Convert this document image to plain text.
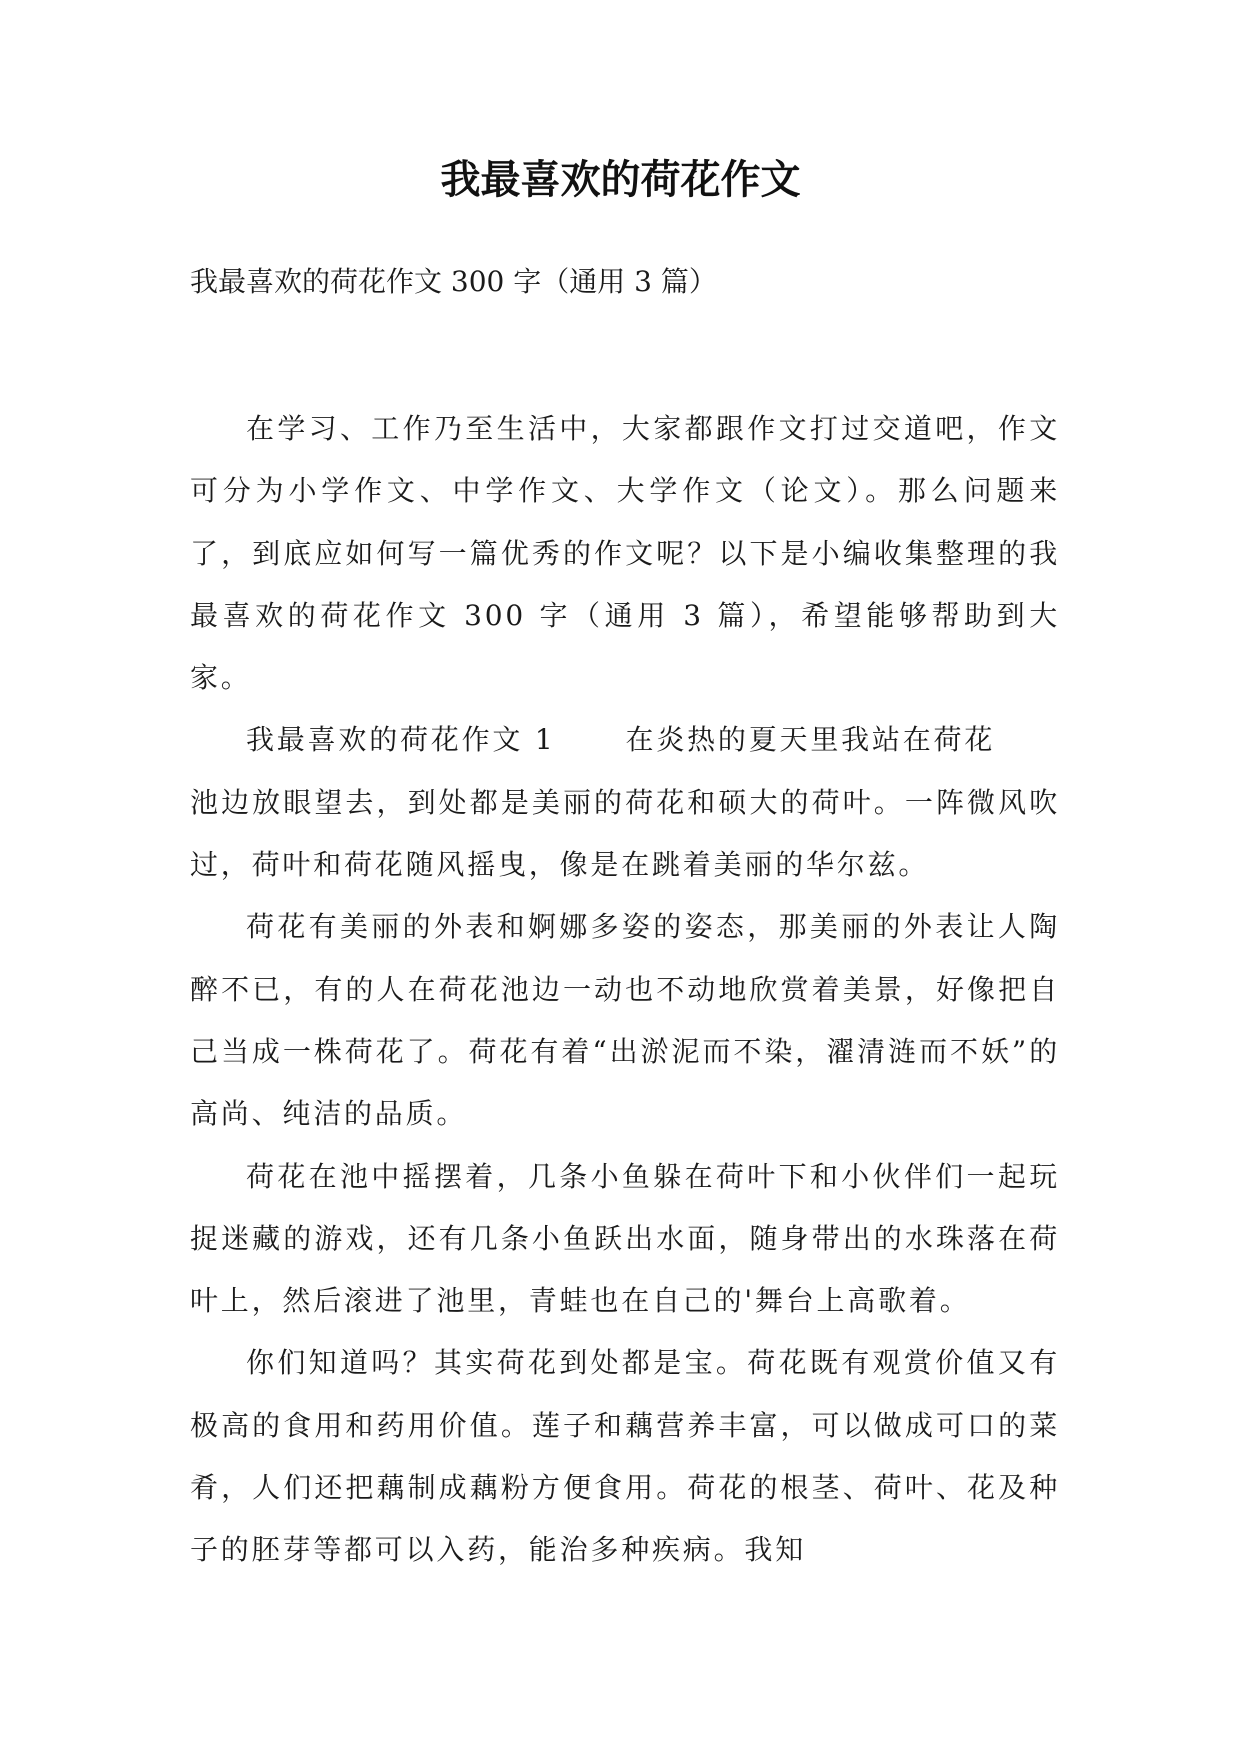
我最喜欢的荷花作文

我最喜欢的荷花作文 300 字（通用 3 篇）

在学习、工作乃至生活中，大家都跟作文打过交道吧，作文可分为小学作文、中学作文、大学作文（论文）。那么问题来了，到底应如何写一篇优秀的作文呢？以下是小编收集整理的我最喜欢的荷花作文 300 字（通用 3 篇），希望能够帮助到大家。

我最喜欢的荷花作文 1	在炎热的夏天里我站在荷花
池边放眼望去，到处都是美丽的荷花和硕大的荷叶。一阵微风吹过，荷叶和荷花随风摇曳，像是在跳着美丽的华尔兹。

荷花有美丽的外表和婀娜多姿的姿态，那美丽的外表让人陶醉不已，有的人在荷花池边一动也不动地欣赏着美景，好像把自己当成一株荷花了。荷花有着“出淤泥而不染，濯清涟而不妖”的高尚、纯洁的品质。

荷花在池中摇摆着，几条小鱼躲在荷叶下和小伙伴们一起玩捉迷藏的游戏，还有几条小鱼跃出水面，随身带出的水珠落在荷叶上，然后滚进了池里，青蛙也在自己的'舞台上高歌着。

你们知道吗？其实荷花到处都是宝。荷花既有观赏价值又有极高的食用和药用价值。莲子和藕营养丰富，可以做成可口的菜肴，人们还把藕制成藕粉方便食用。荷花的根茎、荷叶、花及种子的胚芽等都可以入药，能治多种疾病。我知
